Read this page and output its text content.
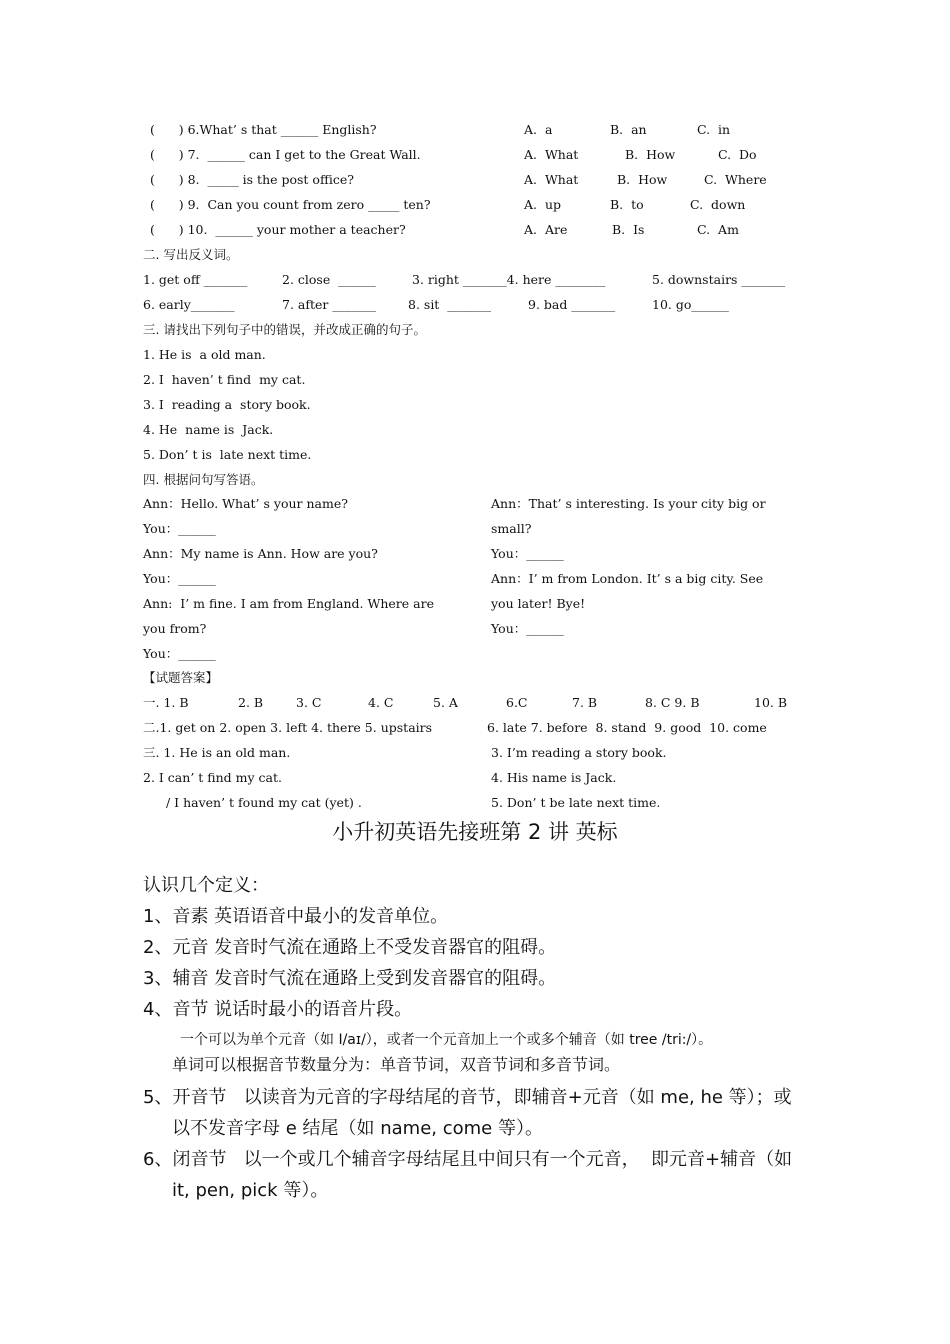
(      ) 6.What’ s that ______ English?	A.  a	B.  an	C.  in
(      ) 7.  ______ can I get to the Great Wall.	A.  What	B.  How	C.  Do
(      ) 8.  _____ is the post office?	A.  What	B.  How	C.  Where
(      ) 9.  Can you count from zero _____ ten?	A.  up	B.  to	C.  down
(      ) 10.  ______ your mother a teacher?	A.  Are	B.  Is	C.  Am
二. 写出反义词。
1. get off _______	2. close  ______	3. right _______4. here ________	5. downstairs _______
6. early_______	7. after _______	8. sit  _______	9. bad _______	10. go______
三. 请找出下列句子中的错误，并改成正确的句子。
1. He is  a old man.
2. I  haven’ t find  my cat.
3. I  reading a  story book.
4. He  name is  Jack.
5. Don’ t is  late next time.
四. 根据问句写答语。
Ann：Hello. What’ s your name?
You：______
Ann：My name is Ann. How are you?
You：______
Ann:  I’ m fine. I am from England. Where are
you from?
You：______
Ann：That’ s interesting. Is your city big or
small?
You：______
Ann：I’ m from London. It’ s a big city. See
you later! Bye!
You：______
【试题答案】
一. 1. B	2. B	3. C	4. C	5. A	6.C	7. B	8. C 9. B	10. B
二.1. get on 2. open 3. left 4. there 5. upstairs	6. late 7. before  8. stand  9. good  10. come
三. 1. He is an old man.	3. I’m reading a story book.
2. I can’ t find my cat.	4. His name is Jack.
/ I haven’ t found my cat (yet) .	5. Don’ t be late next time.
小升初英语先接班第 2 讲 英标
认识几个定义：
1、音素 英语语音中最小的发音单位。
2、元音 发音时气流在通路上不受发音器官的阻碍。
3、辅音 发音时气流在通路上受到发音器官的阻碍。
4、音节 说话时最小的语音片段。
一个可以为单个元音（如 I/aɪ/），或者一个元音加上一个或多个辅音（如 tree /tri:/）。
单词可以根据音节数量分为：单音节词，双音节词和多音节词。
5、开音节   以读音为元音的字母结尾的音节，即辅音+元音（如 me, he 等）；或
以不发音字母 e 结尾（如 name, come 等）。
6、闭音节   以一个或几个辅音字母结尾且中间只有一个元音，  即元音+辅音（如
it, pen, pick 等）。
